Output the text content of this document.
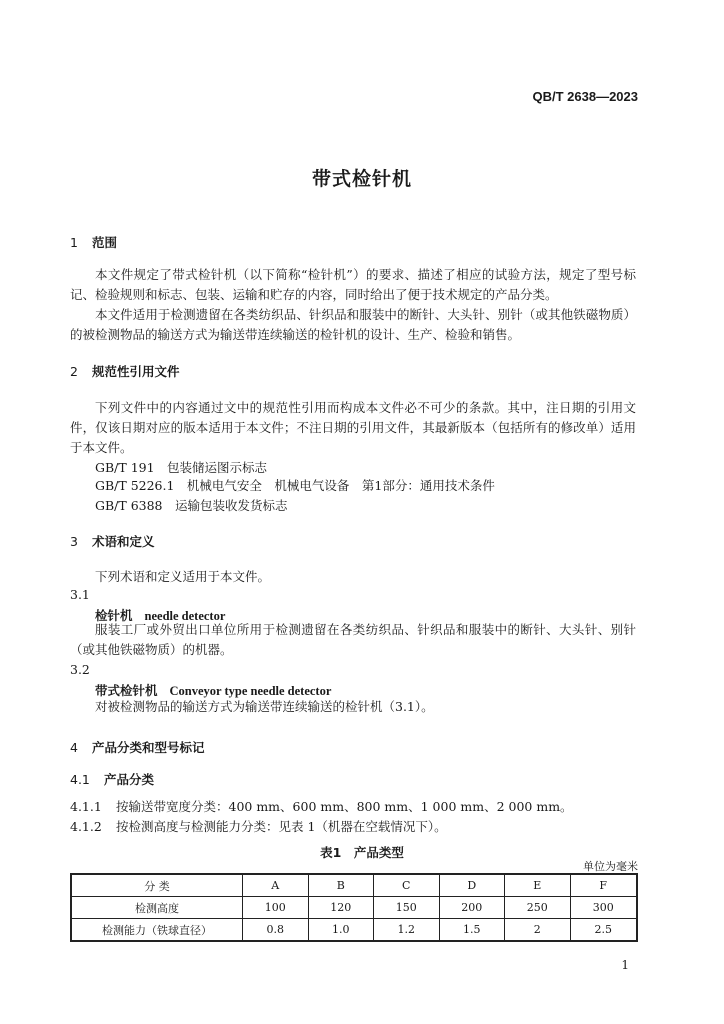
QB/T 2638—2023
带式检针机
1 范围
本文件规定了带式检针机（以下简称“检针机”）的要求、描述了相应的试验方法，规定了型号标记、检验规则和标志、包装、运输和贮存的内容，同时给出了便于技术规定的产品分类。
本文件适用于检测遗留在各类纺织品、针织品和服装中的断针、大头针、别针（或其他铁磁物质）的被检测物品的输送方式为输送带连续输送的检针机的设计、生产、检验和销售。
2 规范性引用文件
下列文件中的内容通过文中的规范性引用而构成本文件必不可少的条款。其中，注日期的引用文件，仅该日期对应的版本适用于本文件；不注日期的引用文件，其最新版本（包括所有的修改单）适用于本文件。
GB/T 191　包装储运图示标志
GB/T 5226.1　机械电气安全　机械电气设备　第1部分：通用技术条件
GB/T 6388　运输包装收发货标志
3 术语和定义
下列术语和定义适用于本文件。
3.1
检针机 needle detector
服装工厂或外贸出口单位所用于检测遗留在各类纺织品、针织品和服装中的断针、大头针、别针（或其他铁磁物质）的机器。
3.2
带式检针机 Conveyor type needle detector
对被检测物品的输送方式为输送带连续输送的检针机（3.1）。
4 产品分类和型号标记
4.1 产品分类
4.1.1 按输送带宽度分类：400 mm、600 mm、800 mm、1 000 mm、2 000 mm。
4.1.2 按检测高度与检测能力分类：见表 1（机器在空载情况下）。
表1　产品类型
单位为毫米
分 类	A	B	C	D	E	F
检测高度	100	120	150	200	250	300
检测能力（铁球直径）	0.8	1.0	1.2	1.5	2	2.5
1
